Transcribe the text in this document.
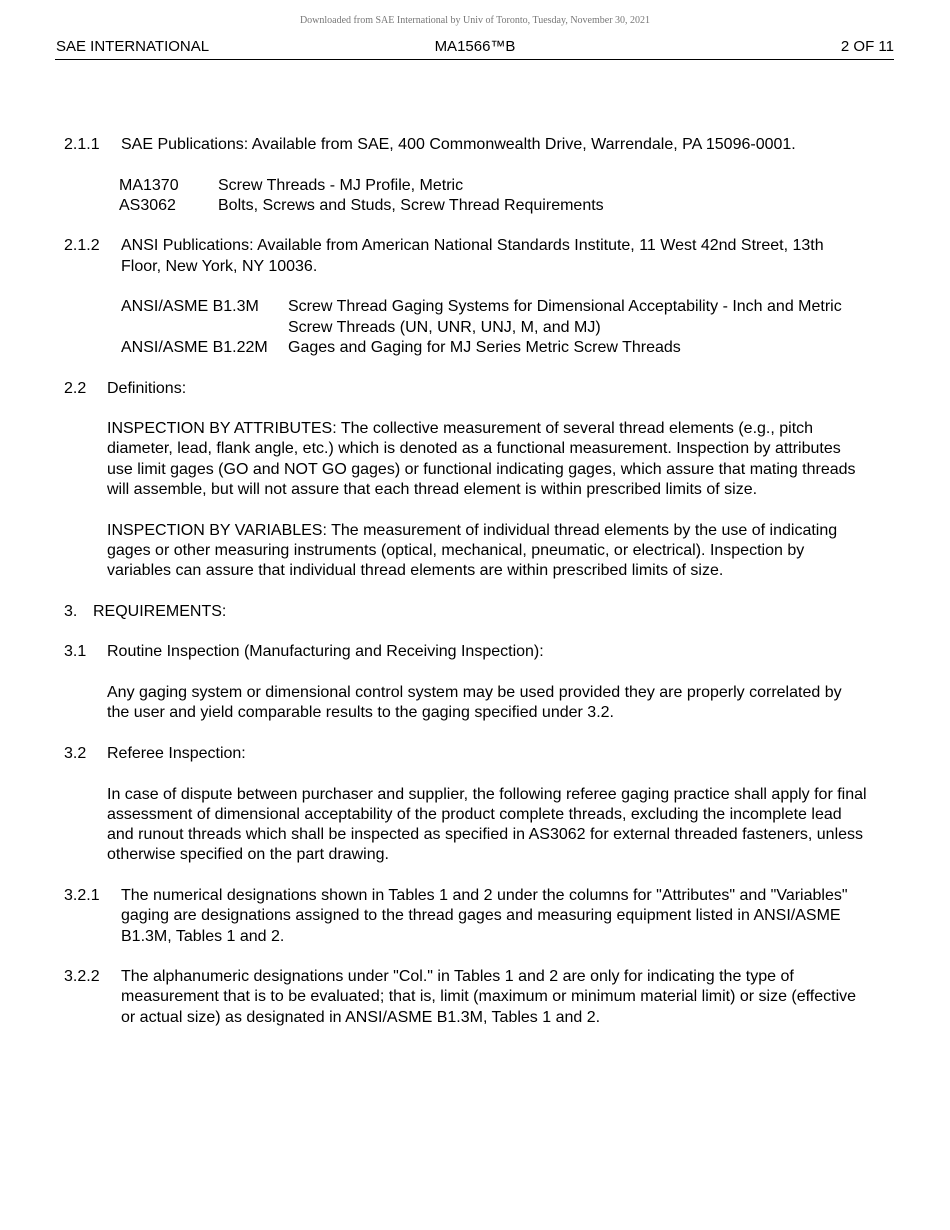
Downloaded from SAE International by Univ of Toronto, Tuesday, November 30, 2021
SAE INTERNATIONAL	MA1566™B	2 OF 11
2.1.1	SAE Publications: Available from SAE, 400 Commonwealth Drive, Warrendale, PA 15096-0001.
MA1370	Screw Threads - MJ Profile, Metric
AS3062	Bolts, Screws and Studs, Screw Thread Requirements
2.1.2	ANSI Publications: Available from American National Standards Institute, 11 West 42nd Street, 13th Floor, New York, NY 10036.
ANSI/ASME B1.3M	Screw Thread Gaging Systems for Dimensional Acceptability - Inch and Metric Screw Threads (UN, UNR, UNJ, M, and MJ)
ANSI/ASME B1.22M	Gages and Gaging for MJ Series Metric Screw Threads
2.2	Definitions:

INSPECTION BY ATTRIBUTES: The collective measurement of several thread elements (e.g., pitch diameter, lead, flank angle, etc.) which is denoted as a functional measurement. Inspection by attributes use limit gages (GO and NOT GO gages) or functional indicating gages, which assure that mating threads will assemble, but will not assure that each thread element is within prescribed limits of size.

INSPECTION BY VARIABLES: The measurement of individual thread elements by the use of indicating gages or other measuring instruments (optical, mechanical, pneumatic, or electrical). Inspection by variables can assure that individual thread elements are within prescribed limits of size.

3. REQUIREMENTS:
3.1	Routine Inspection (Manufacturing and Receiving Inspection):

Any gaging system or dimensional control system may be used provided they are properly correlated by the user and yield comparable results to the gaging specified under 3.2.

3.2	Referee Inspection:

In case of dispute between purchaser and supplier, the following referee gaging practice shall apply for final assessment of dimensional acceptability of the product complete threads, excluding the incomplete lead and runout threads which shall be inspected as specified in AS3062 for external threaded fasteners, unless otherwise specified on the part drawing.

3.2.1	The numerical designations shown in Tables 1 and 2 under the columns for "Attributes" and "Variables" gaging are designations assigned to the thread gages and measuring equipment listed in ANSI/ASME B1.3M, Tables 1 and 2.
3.2.2	The alphanumeric designations under "Col." in Tables 1 and 2 are only for indicating the type of measurement that is to be evaluated; that is, limit (maximum or minimum material limit) or size (effective or actual size) as designated in ANSI/ASME B1.3M, Tables 1 and 2.
